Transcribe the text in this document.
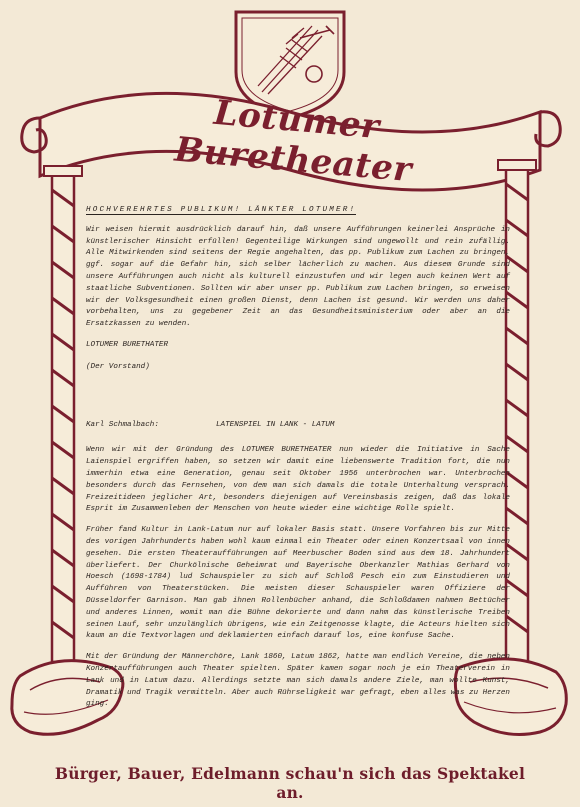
Lotumer Buretheater
HOCHVEREHRTES PUBLIKUM! LÄNKTER LOTUMER!

Wir weisen hiermit ausdrücklich darauf hin, daß unsere Aufführungen keinerlei Ansprüche in künstlerischer Hinsicht erfüllen! Gegenteilige Wirkungen sind ungewollt und rein zufällig. Alle Mitwirkenden sind seitens der Regie angehalten, das pp. Publikum zum Lachen zu bringen, ggf. sogar auf die Gefahr hin, sich selber lächerlich zu machen. Aus diesem Grunde sind unsere Aufführungen auch nicht als kulturell einzustufen und wir legen auch keinen Wert auf staatliche Subventionen. Sollten wir aber unser pp. Publikum zum Lachen bringen, so erweisen wir der Volksgesundheit einen großen Dienst, denn Lachen ist gesund. Wir werden uns daher vorbehalten, uns zu gegebener Zeit an das Gesundheitsministerium oder aber an die Ersatzkassen zu wenden.

LOTUMER BURETHATER

(Der Vorstand)

Karl Schmalbach:	LATENSPIEL IN LANK - LATUM

Wenn wir mit der Gründung des LOTUMER BURETHEATER nun wieder die Initiative in Sache Laienspiel ergriffen haben, so setzen wir damit eine liebenswerte Tradition fort, die nun immerhin etwa eine Generation, genau seit Oktober 1956 unterbrochen war. Unterbrochen besonders durch das Fernsehen, von dem man sich damals die totale Unterhaltung versprach. Freizeitideen jeglicher Art, besonders diejenigen auf Vereinsbasis zeigen, daß das lokale Esprit im Zusammenleben der Menschen von heute wieder eine wichtige Rolle spielt.

Früher fand Kultur in Lank-Latum nur auf lokaler Basis statt. Unsere Vorfahren bis zur Mitte des vorigen Jahrhunderts haben wohl kaum einmal ein Theater oder einen Konzertsaal von innen gesehen. Die ersten Theateraufführungen auf Meerbuscher Boden sind aus dem 18. Jahrhundert überliefert. Der Churkölnische Geheimrat und Bayerische Oberkanzler Mathias Gerhard von Hoesch (1698-1784) lud Schauspieler zu sich auf Schloß Pesch ein zum Einstudieren und Aufführen von Theaterstücken. Die meisten dieser Schauspieler waren Offiziere der Düsseldorfer Garnison. Man gab ihnen Rollenbücher anhand, die Schloßdamen nahmen Bettücher und anderes Linnen, womit man die Bühne dekorierte und dann nahm das künstlerische Treiben seinen Lauf, sehr unzulänglich übrigens, wie ein Zeitgenosse klagte, die Acteurs hielten sich kaum an die Textvorlagen und deklamierten einfach darauf los, eine konfuse Sache.

Mit der Gründung der Männerchöre, Lank 1860, Latum 1862, hatte man endlich Vereine, die neben Konzertaufführungen auch Theater spielten. Später kamen sogar noch je ein Theaterverein in Lank und in Latum dazu. Allerdings setzte man sich damals andere Ziele, man wollte Kunst, Dramatik und Tragik vermitteln. Aber auch Rührseligkeit war gefragt, eben alles was zu Herzen ging.

Bürger, Bauer, Edelmann schau'n sich das Spektakel an.
